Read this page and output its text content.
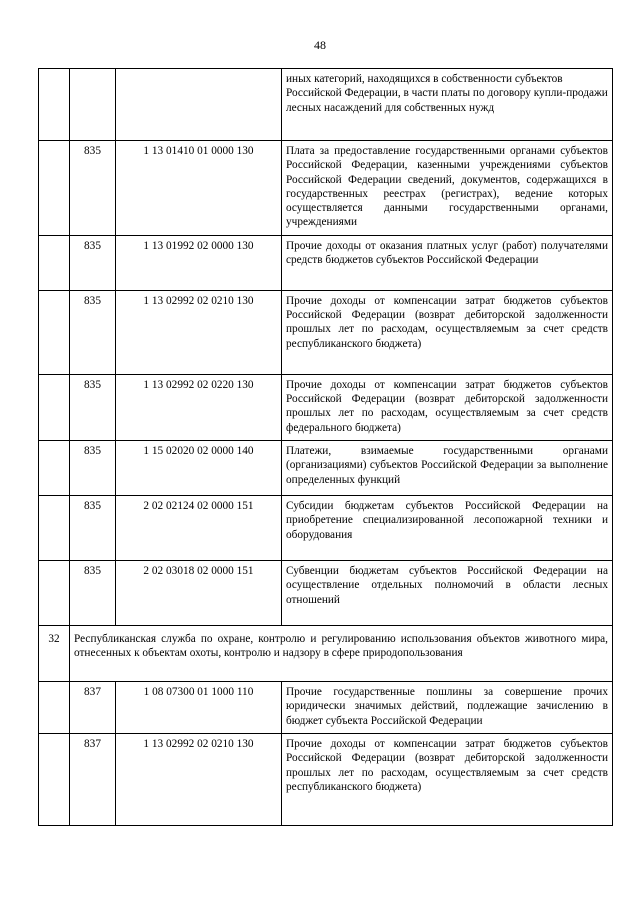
48
			иных категорий, находящихся в собственности субъектов Российской Федерации, в части платы по договору купли-продажи лесных насаждений для собственных нужд
	835	1 13 01410 01 0000 130	Плата за предоставление государственными органами субъектов Российской Федерации, казенными учреждениями субъектов Российской Федерации сведений, документов, содержащихся в государственных реестрах (регистрах), ведение которых осуществляется данными государственными органами, учреждениями
	835	1 13 01992 02 0000 130	Прочие доходы от оказания платных услуг (работ) получателями средств бюджетов субъектов Российской Федерации
	835	1 13 02992 02 0210 130	Прочие доходы от компенсации затрат бюджетов субъектов Российской Федерации (возврат дебиторской задолженности прошлых лет по расходам, осуществляемым за счет средств республиканского бюджета)
	835	1 13 02992 02 0220 130	Прочие доходы от компенсации затрат бюджетов субъектов Российской Федерации (возврат дебиторской задолженности прошлых лет по расходам, осуществляемым за счет средств федерального бюджета)
	835	1 15 02020 02 0000 140	Платежи, взимаемые государственными органами (организациями) субъектов Российской Федерации за выполнение определенных функций
	835	2 02 02124 02 0000 151	Субсидии бюджетам субъектов Российской Федерации на приобретение специализированной лесопожарной техники и оборудования
	835	2 02 03018 02 0000 151	Субвенции бюджетам субъектов Российской Федерации на осуществление отдельных полномочий в области лесных отношений
32	Республиканская служба по охране, контролю и регулированию использования объектов животного мира, отнесенных к объектам охоты, контролю и надзору в сфере природопользования		
	837	1 08 07300 01 1000 110	Прочие государственные пошлины за совершение прочих юридически значимых действий, подлежащие зачислению в бюджет субъекта Российской Федерации
	837	1 13 02992 02 0210 130	Прочие доходы от компенсации затрат бюджетов субъектов Российской Федерации (возврат дебиторской задолженности прошлых лет по расходам, осуществляемым за счет средств республиканского бюджета)
